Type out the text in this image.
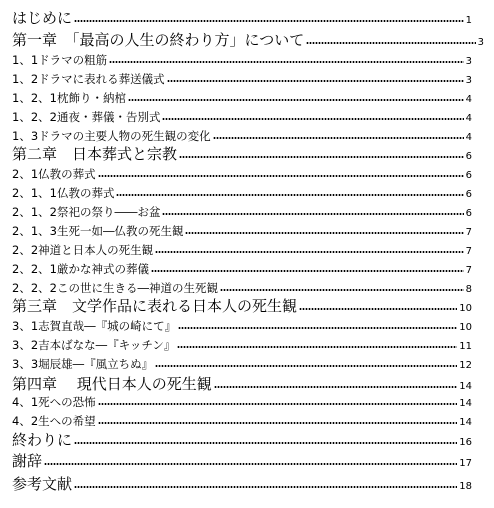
はじめに	1
第一章　「最高の人生の終わり方」について	3
1、1ドラマの粗筋	3
1、2ドラマに表れる葬送儀式	3
1、2、1枕飾り・納棺	4
1、2、2通夜・葬儀・告別式	4
1、3ドラマの主要人物の死生観の変化	4
第二章　日本葬式と宗教	6
2、1仏教の葬式	6
2、1、1仏教の葬式	6
2、1、2祭祀の祭り――お盆	6
2、1、3生死一如―仏教の死生観	7
2、2神道と日本人の死生観	7
2、2、1厳かな神式の葬儀	7
2、2、2この世に生きる―神道の生死観	8
第三章　文学作品に表れる日本人の死生観	10
3、1志賀直哉―『城の崎にて』	10
3、2吉本ばなな―『キッチン』	11
3、3堀辰雄―『風立ちぬ』	12
第四章　 現代日本人の死生観	14
4、1死への恐怖	14
4、2生への希望	14
終わりに	16
謝辞	17
参考文献	18
